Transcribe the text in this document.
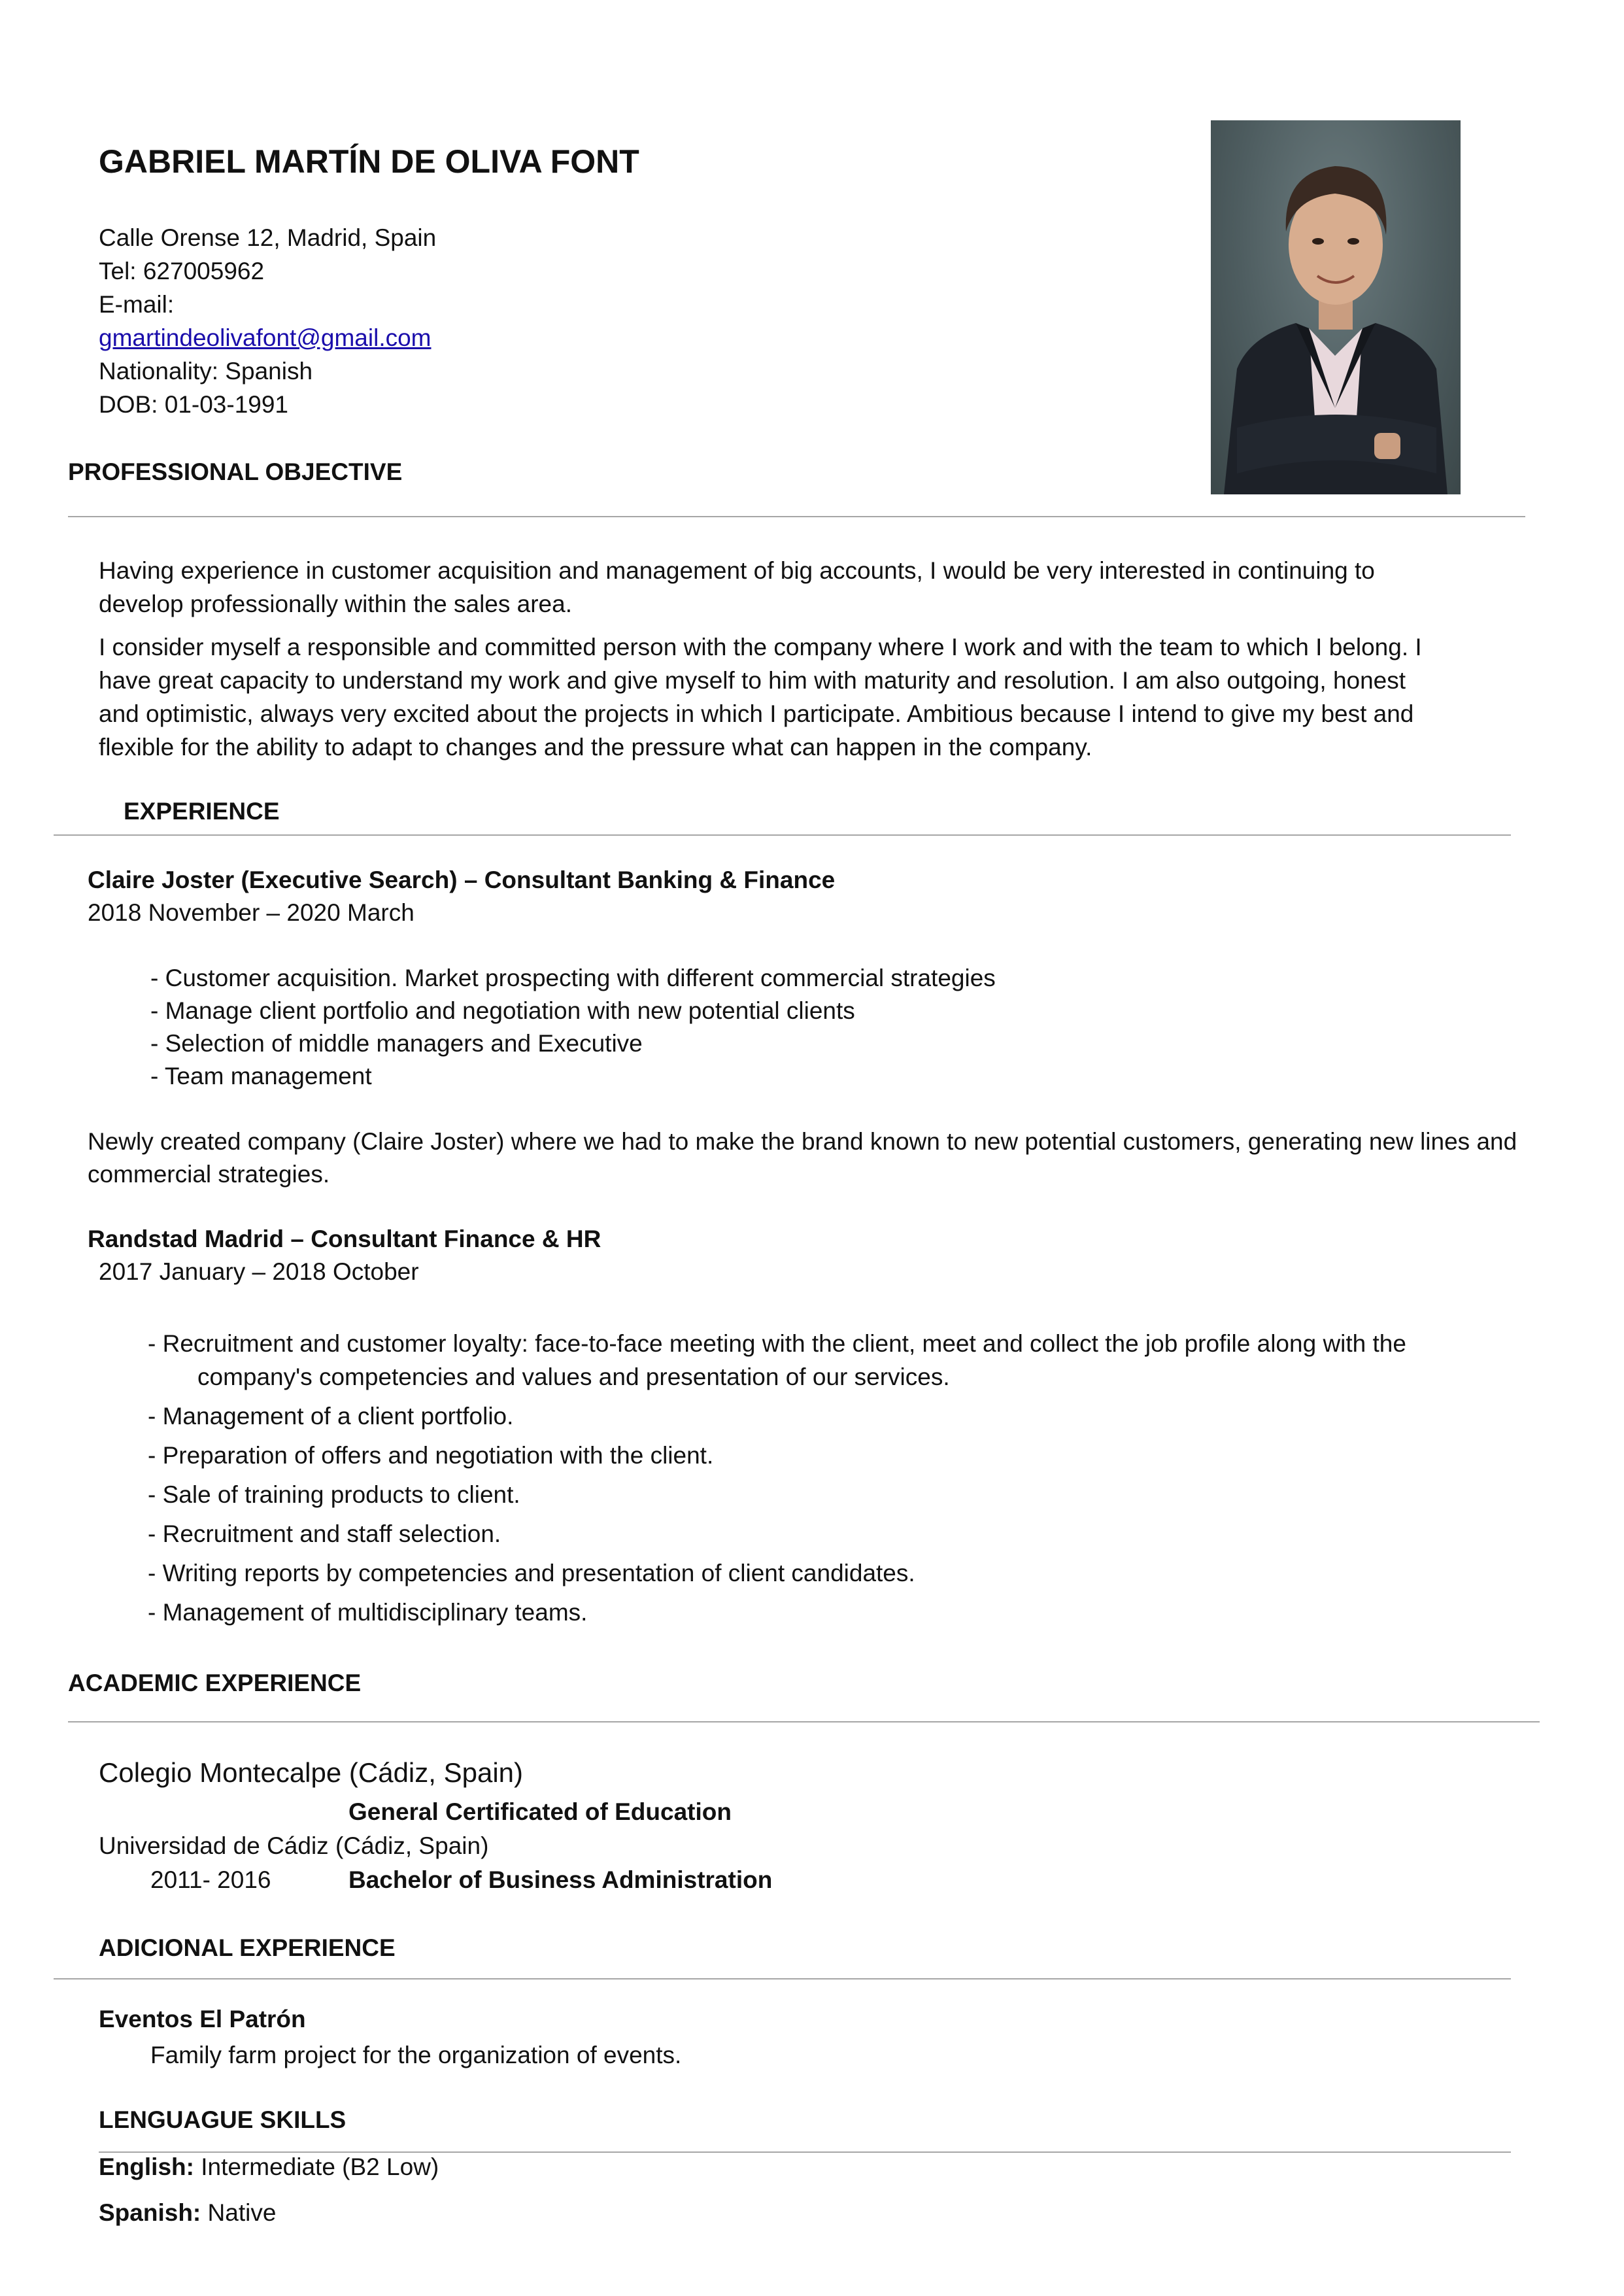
GABRIEL MARTÍN DE OLIVA FONT
Calle Orense 12, Madrid, Spain
Tel: 627005962
E-mail:
gmartindeolivafont@gmail.com
Nationality: Spanish
DOB: 01-03-1991
PROFESSIONAL OBJECTIVE
Having experience in customer acquisition and management of big accounts, I would be very interested in continuing to
develop professionally within the sales area.
I consider myself a responsible and committed person with the company where I work and with the team to which I belong. I
have great capacity to understand my work and give myself to him with maturity and resolution. I am also outgoing, honest
and optimistic, always very excited about the projects in which I participate. Ambitious because I intend to give my best and
flexible for the ability to adapt to changes and the pressure what can happen in the company.
EXPERIENCE
Claire Joster (Executive Search) – Consultant Banking & Finance
2018 November – 2020 March
- Customer acquisition. Market prospecting with different commercial strategies
- Manage client portfolio and negotiation with new potential clients
- Selection of middle managers and Executive
- Team management
Newly created company (Claire Joster) where we had to make the brand known to new potential customers, generating new lines and
commercial strategies.
Randstad Madrid – Consultant Finance & HR
2017 January – 2018 October
- Recruitment and customer loyalty: face-to-face meeting with the client, meet and collect the job profile along with the
company's competencies and values and presentation of our services.
- Management of a client portfolio.
- Preparation of offers and negotiation with the client.
- Sale of training products to client.
- Recruitment and staff selection.
- Writing reports by competencies and presentation of client candidates.
- Management of multidisciplinary teams.
ACADEMIC EXPERIENCE
Colegio Montecalpe (Cádiz, Spain)
General Certificated of Education
Universidad de Cádiz (Cádiz, Spain)
2011- 2016	Bachelor of Business Administration
ADICIONAL EXPERIENCE
Eventos El Patrón
Family farm project for the organization of events.
LENGUAGUE SKILLS
English: Intermediate (B2 Low)
Spanish: Native
